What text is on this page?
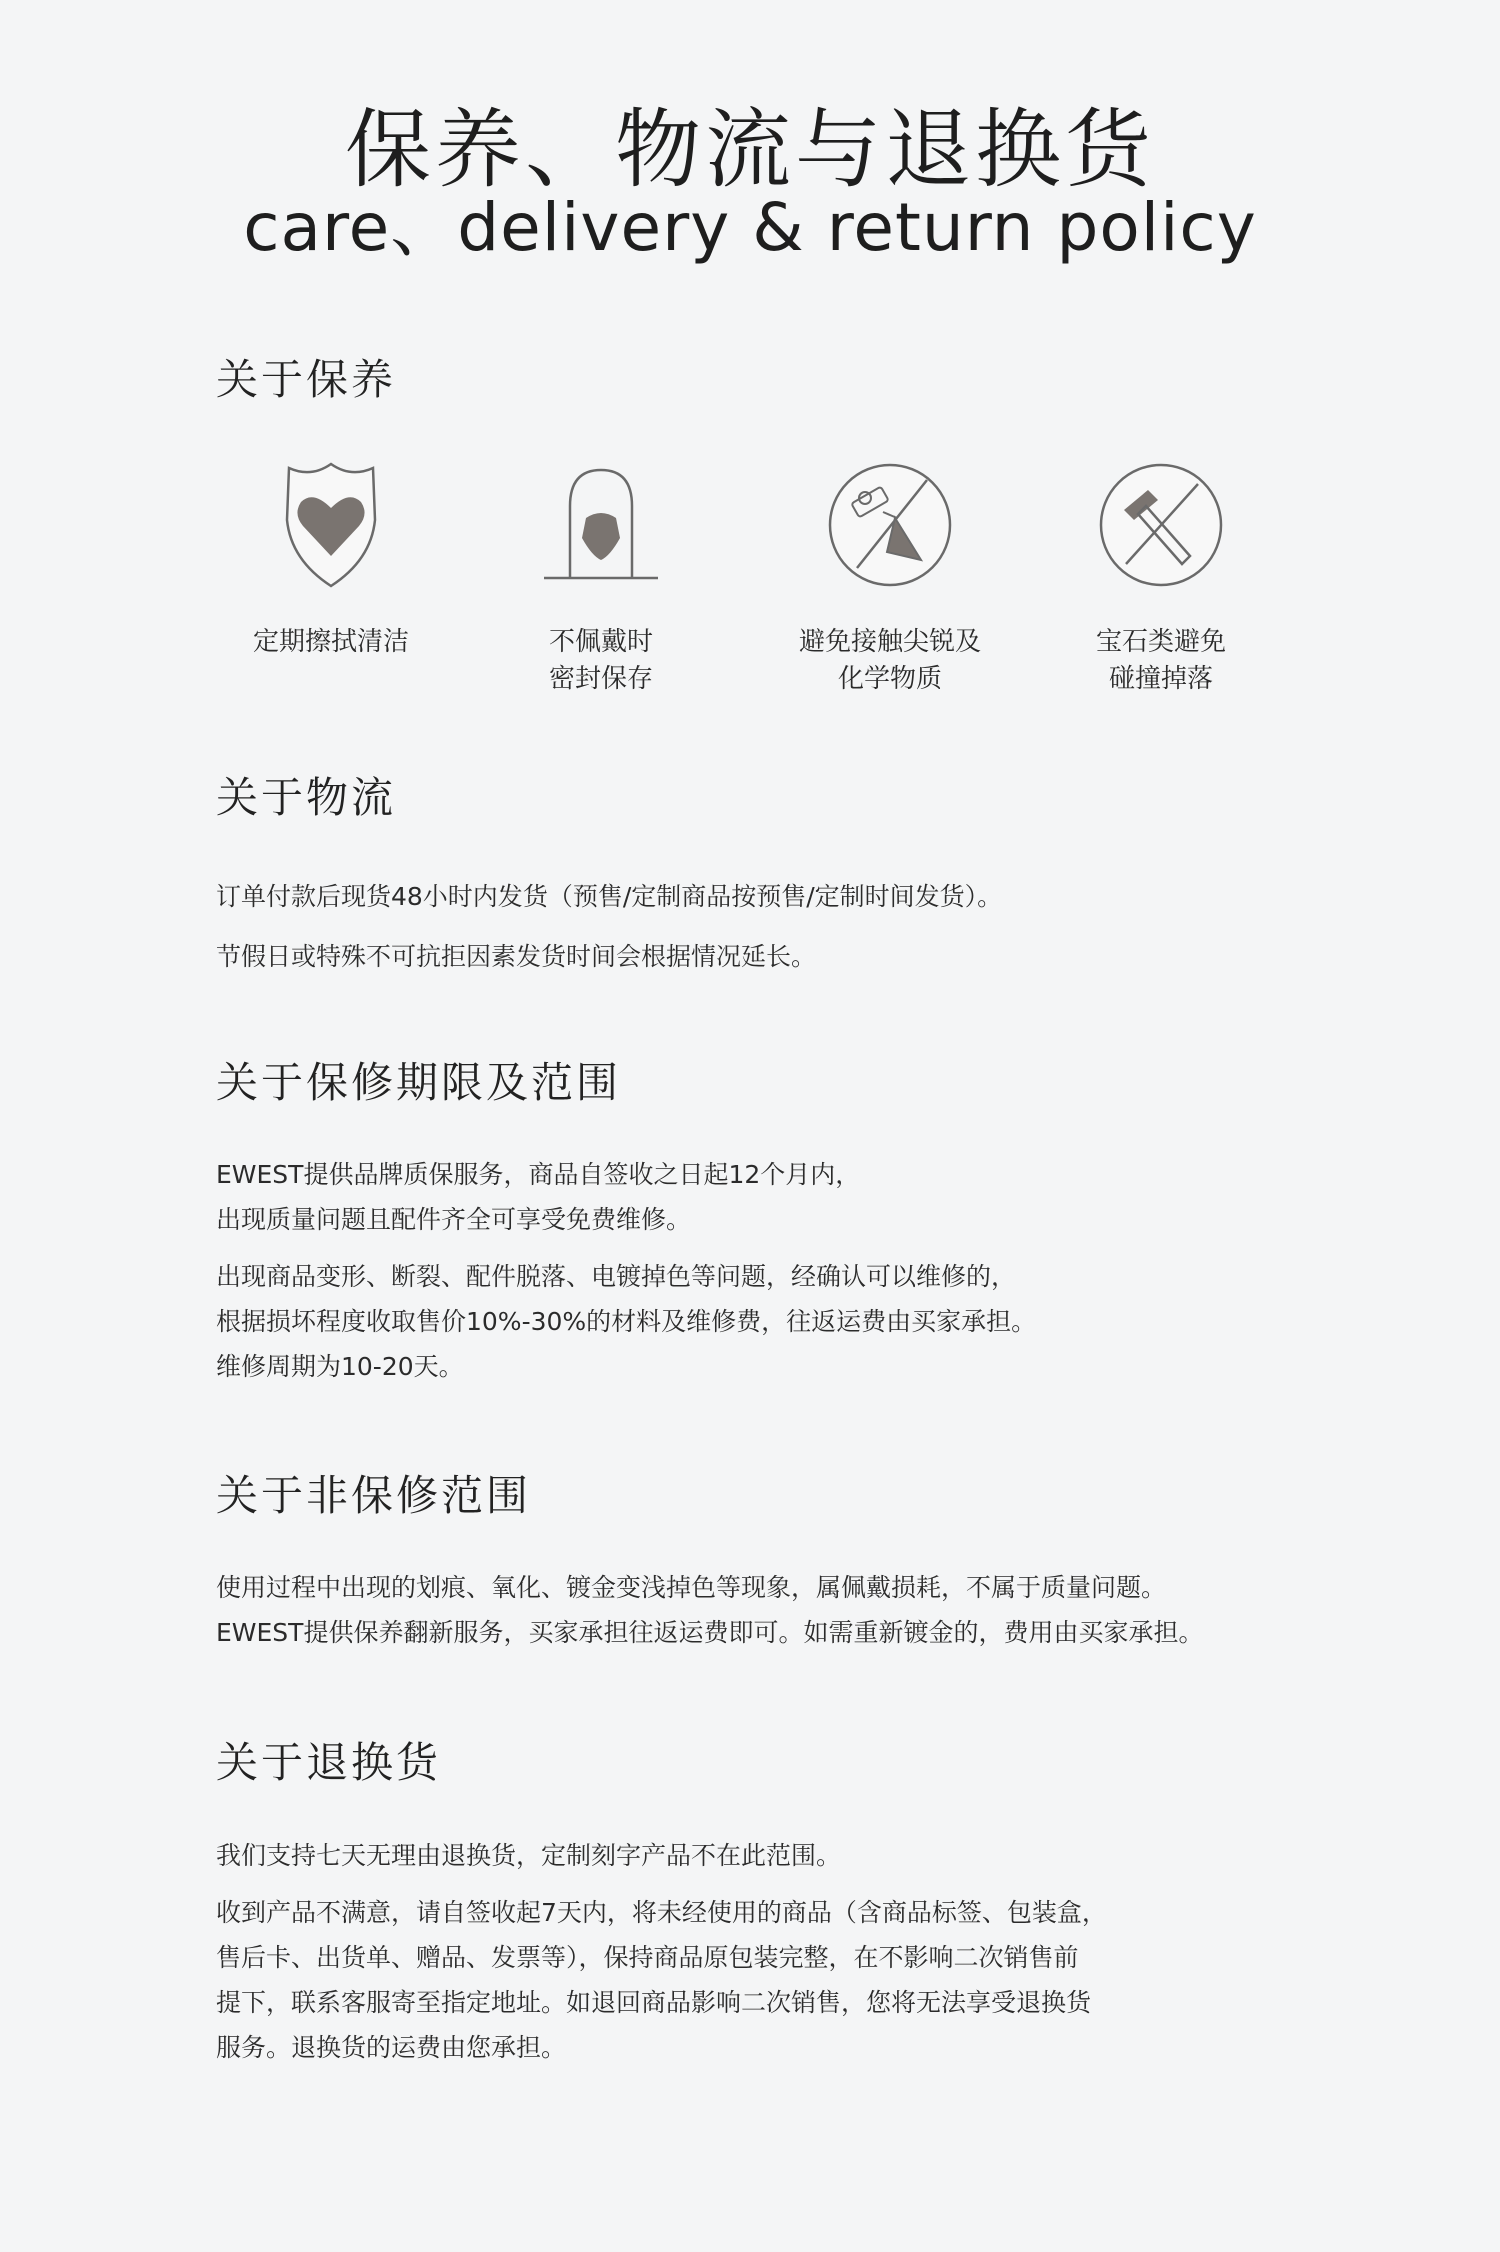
保养、物流与退换货
care、delivery & return policy
关于保养
定期擦拭清洁	不佩戴时
密封保存
避免接触尖锐及
化学物质
宝石类避免
碰撞掉落
关于物流
订单付款后现货48小时内发货（预售/定制商品按预售/定制时间发货）。
节假日或特殊不可抗拒因素发货时间会根据情况延长。
关于保修期限及范围
EWEST提供品牌质保服务，商品自签收之日起12个月内，
出现质量问题且配件齐全可享受免费维修。
出现商品变形、断裂、配件脱落、电镀掉色等问题，经确认可以维修的，
根据损坏程度收取售价10%-30%的材料及维修费，往返运费由买家承担。
维修周期为10-20天。
关于非保修范围
使用过程中出现的划痕、氧化、镀金变浅掉色等现象，属佩戴损耗，不属于质量问题。
EWEST提供保养翻新服务，买家承担往返运费即可。如需重新镀金的，费用由买家承担。
关于退换货
我们支持七天无理由退换货，定制刻字产品不在此范围。
收到产品不满意，请自签收起7天内，将未经使用的商品（含商品标签、包装盒，
售后卡、出货单、赠品、发票等），保持商品原包装完整，在不影响二次销售前
提下，联系客服寄至指定地址。如退回商品影响二次销售，您将无法享受退换货
服务。退换货的运费由您承担。
